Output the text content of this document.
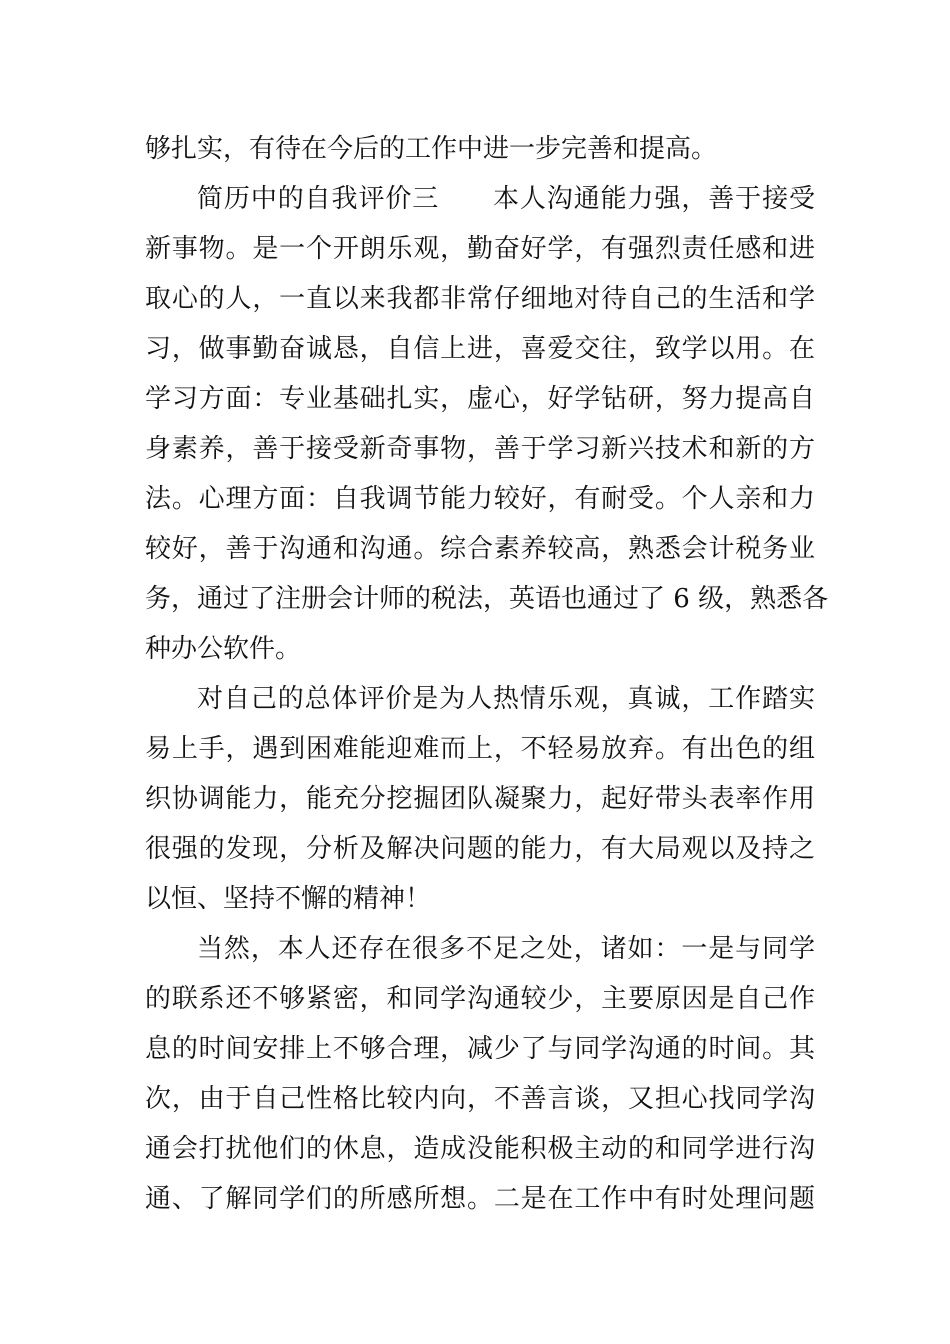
够扎实，有待在今后的工作中进一步完善和提高。
简历中的自我评价三　　本人沟通能力强，善于接受
新事物。是一个开朗乐观，勤奋好学，有强烈责任感和进
取心的人，一直以来我都非常仔细地对待自己的生活和学
习，做事勤奋诚恳，自信上进，喜爱交往，致学以用。在
学习方面：专业基础扎实，虚心，好学钻研，努力提高自
身素养，善于接受新奇事物，善于学习新兴技术和新的方
法。心理方面：自我调节能力较好，有耐受。个人亲和力
较好，善于沟通和沟通。综合素养较高，熟悉会计税务业
务，通过了注册会计师的税法，英语也通过了 6 级，熟悉各
种办公软件。
对自己的总体评价是为人热情乐观，真诚，工作踏实
易上手，遇到困难能迎难而上，不轻易放弃。有出色的组
织协调能力，能充分挖掘团队凝聚力，起好带头表率作用
很强的发现，分析及解决问题的能力，有大局观以及持之
以恒、坚持不懈的精神！
当然，本人还存在很多不足之处，诸如：一是与同学
的联系还不够紧密，和同学沟通较少，主要原因是自己作
息的时间安排上不够合理，减少了与同学沟通的时间。其
次，由于自己性格比较内向，不善言谈，又担心找同学沟
通会打扰他们的休息，造成没能积极主动的和同学进行沟
通、了解同学们的所感所想。二是在工作中有时处理问题
